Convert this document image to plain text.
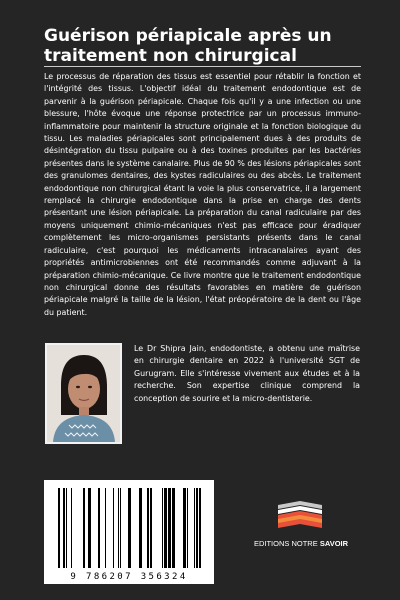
Guérison périapicale après un traitement non chirurgical

Le processus de réparation des tissus est essentiel pour rétablir la fonction et l'intégrité des tissus. L'objectif idéal du traitement endodontique est de parvenir à la guérison périapicale. Chaque fois qu'il y a une infection ou une blessure, l'hôte évoque une réponse protectrice par un processus immuno-inflammatoire pour maintenir la structure originale et la fonction biologique du tissu. Les maladies périapicales sont principalement dues à des produits de désintégration du tissu pulpaire ou à des toxines produites par les bactéries présentes dans le système canalaire. Plus de 90 % des lésions périapicales sont des granulomes dentaires, des kystes radiculaires ou des abcès. Le traitement endodontique non chirurgical étant la voie la plus conservatrice, il a largement remplacé la chirurgie endodontique dans la prise en charge des dents présentant une lésion périapicale. La préparation du canal radiculaire par des moyens uniquement chimio-mécaniques n'est pas efficace pour éradiquer complètement les micro-organismes persistants présents dans le canal radiculaire, c'est pourquoi les médicaments intracanalaires ayant des propriétés antimicrobiennes ont été recommandés comme adjuvant à la préparation chimio-mécanique. Ce livre montre que le traitement endodontique non chirurgical donne des résultats favorables en matière de guérison périapicale malgré la taille de la lésion, l'état préopératoire de la dent ou l'âge du patient.

Le Dr Shipra Jain, endodontiste, a obtenu une maîtrise en chirurgie dentaire en 2022 à l'université SGT de Gurugram. Elle s'intéresse vivement aux études et à la recherche. Son expertise clinique comprend la conception de sourire et la micro-dentisterie.

9 786207 356324
EDITIONS NOTRE SAVOIR
